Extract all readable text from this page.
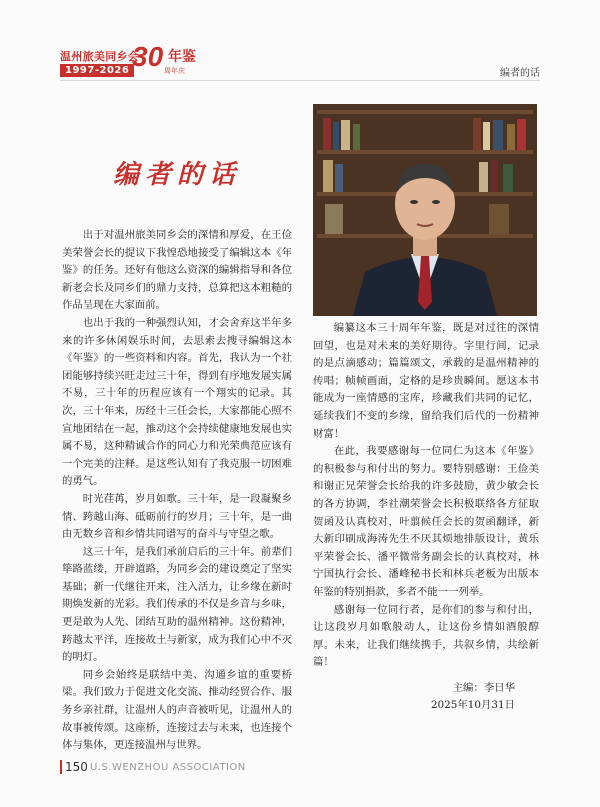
温州旅美同乡会
1997-2026 30 年鉴
周年庆	编者的话
编者的话

出于对温州旅美同乡会的深情和厚爱，在王俭美荣誉会长的提议下我惶恐地接受了编辑这本《年鉴》的任务。还好有他这么资深的编辑指导和各位新老会长及同乡们的鼎力支持，总算把这本粗糙的作品呈现在大家面前。

也出于我的一种强烈认知，才会舍弃这半年多来的许多休闲娱乐时间，去思索去搜寻编辑这本《年鉴》的一些资料和内容。首先，我认为一个社团能够持续兴旺走过三十年，得到有序地发展实属不易，三十年的历程应该有一个翔实的记录。其次，三十年来，历经十三任会长，大家都能心照不宣地团结在一起，推动这个会持续健康地发展也实属不易，这种精诚合作的同心力和光荣典范应该有一个完美的注释。是这些认知有了我克服一切困难的勇气。

时光荏苒，岁月如歌。三十年，是一段凝聚乡情、跨越山海、砥砺前行的岁月；三十年，是一曲由无数乡音和乡情共同谱写的奋斗与守望之歌。

这三十年，是我们承前启后的三十年。前辈们筚路蓝缕，开辟道路，为同乡会的建设奠定了坚实基础；新一代继往开来，注入活力，让乡缘在新时期焕发新的光彩。我们传承的不仅是乡音与乡味，更是敢为人先、团结互助的温州精神。这份精神，跨越太平洋，连接故土与新家，成为我们心中不灭的明灯。

同乡会始终是联结中美、沟通乡谊的重要桥梁。我们致力于促进文化交流、推动经贸合作、服务乡亲社群，让温州人的声音被听见，让温州人的故事被传颂。这座桥，连接过去与未来，也连接个体与集体，更连接温州与世界。

编纂这本三十周年年鉴，既是对过往的深情回望，也是对未来的美好期待。字里行间，记录的是点滴感动；篇篇颂文，承载的是温州精神的传唱；帧帧画面，定格的是珍贵瞬间。愿这本书能成为一座情感的宝库，珍藏我们共同的记忆，延续我们不变的乡缘，留给我们后代的一份精神财富！

在此，我要感谢每一位同仁为这本《年鉴》的积极参与和付出的努力。要特别感谢：王俭美和谢正兄荣誉会长给我的许多鼓励，黄少敏会长的各方协调，李社潮荣誉会长积极联络各方征取贺函及认真校对，叶翦候任会长的贺函翻译，新大新印刷成海涛先生不厌其烦地排版设计，黄乐平荣誉会长、潘平微常务副会长的认真校对，林宁国执行会长、潘峰秘书长和林兵老板为出版本年鉴的特别捐款，多者不能一一列举。

感谢每一位同行者，是你们的参与和付出，让这段岁月如歌般动人，让这份乡情如酒般醇厚。未来，让我们继续携手，共叙乡情，共绘新篇！

主编：李日华
2025年10月31日
150 U.S.WENZHOU ASSOCIATION
